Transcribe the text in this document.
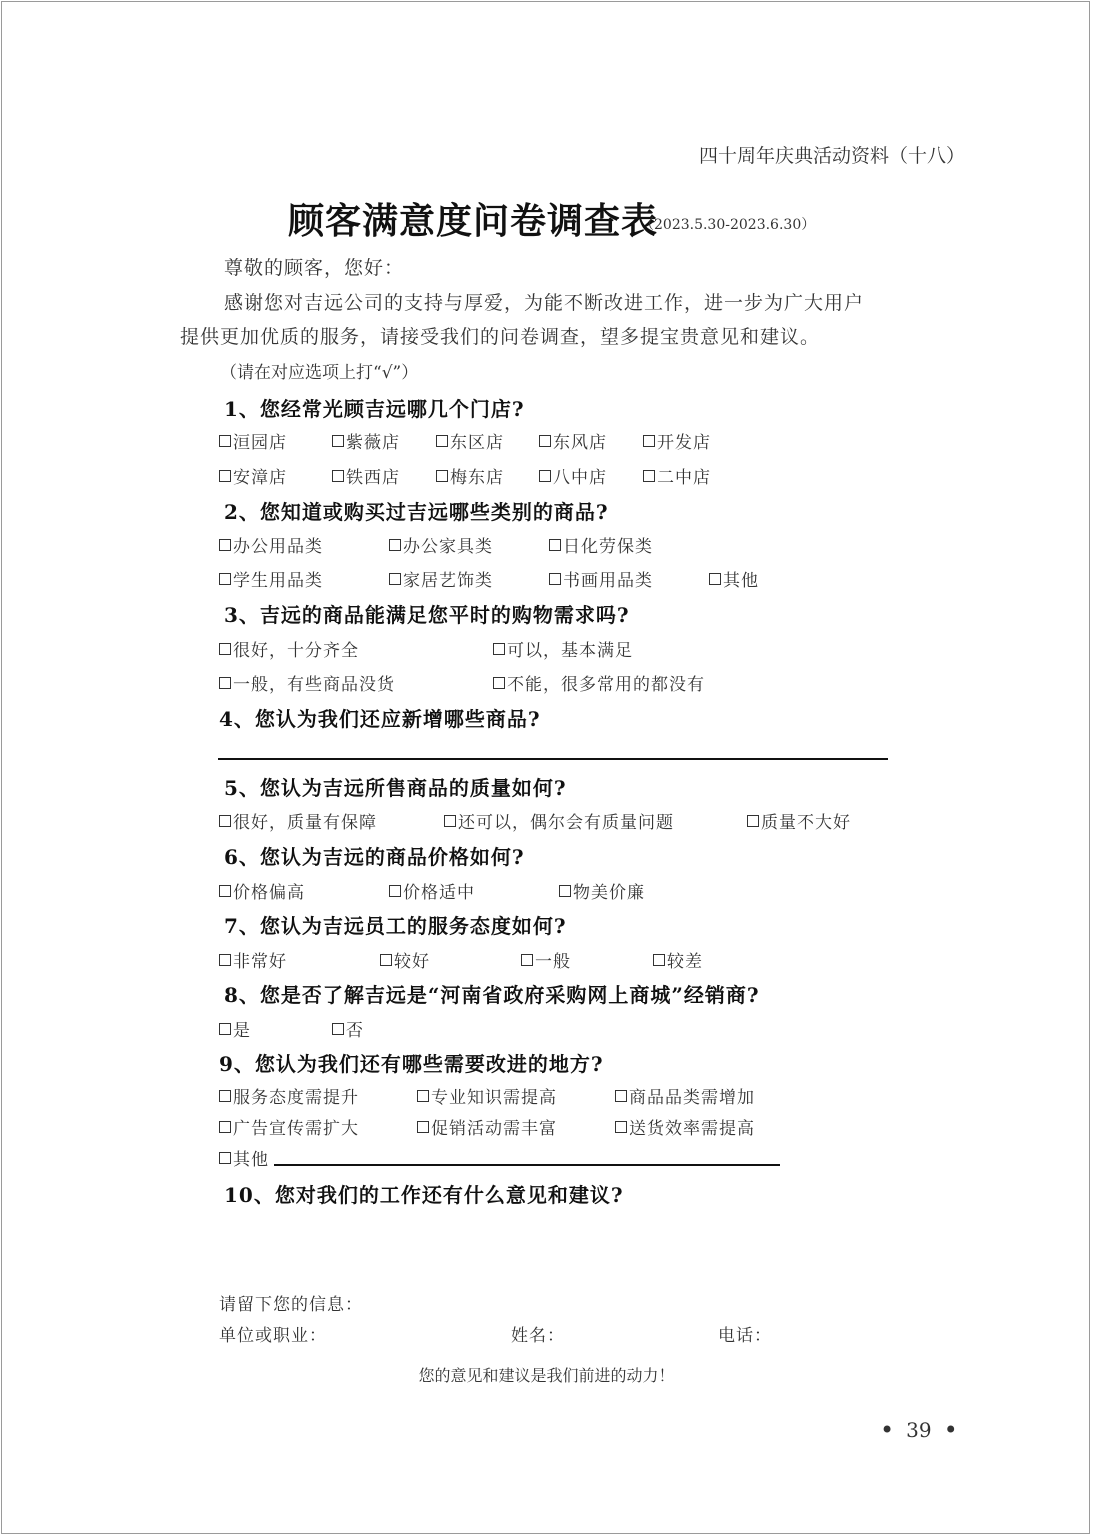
四十周年庆典活动资料（十八）
顾客满意度问卷调查表
（2023.5.30-2023.6.30）
尊敬的顾客，您好：
感谢您对吉远公司的支持与厚爱，为能不断改进工作，进一步为广大用户
提供更加优质的服务，请接受我们的问卷调查，望多提宝贵意见和建议。
（请在对应选项上打“√”）
1、您经常光顾吉远哪几个门店?
洹园店	紫薇店	东区店	东风店	开发店
安漳店	铁西店	梅东店	八中店	二中店
2、您知道或购买过吉远哪些类别的商品?
办公用品类	办公家具类	日化劳保类
学生用品类	家居艺饰类	书画用品类	其他
3、吉远的商品能满足您平时的购物需求吗?
很好，十分齐全	可以，基本满足
一般，有些商品没货	不能，很多常用的都没有
4、您认为我们还应新增哪些商品?
5、您认为吉远所售商品的质量如何?
很好，质量有保障	还可以，偶尔会有质量问题	质量不大好
6、您认为吉远的商品价格如何?
价格偏高	价格适中	物美价廉
7、您认为吉远员工的服务态度如何?
非常好	较好	一般	较差
8、您是否了解吉远是“河南省政府采购网上商城”经销商?
是	否
9、您认为我们还有哪些需要改进的地方?
服务态度需提升	专业知识需提高	商品品类需增加
广告宣传需扩大	促销活动需丰富	送货效率需提高
其他
10、您对我们的工作还有什么意见和建议?
请留下您的信息：
单位或职业：	姓名：	电话：
您的意见和建议是我们前进的动力！
• 39 •
